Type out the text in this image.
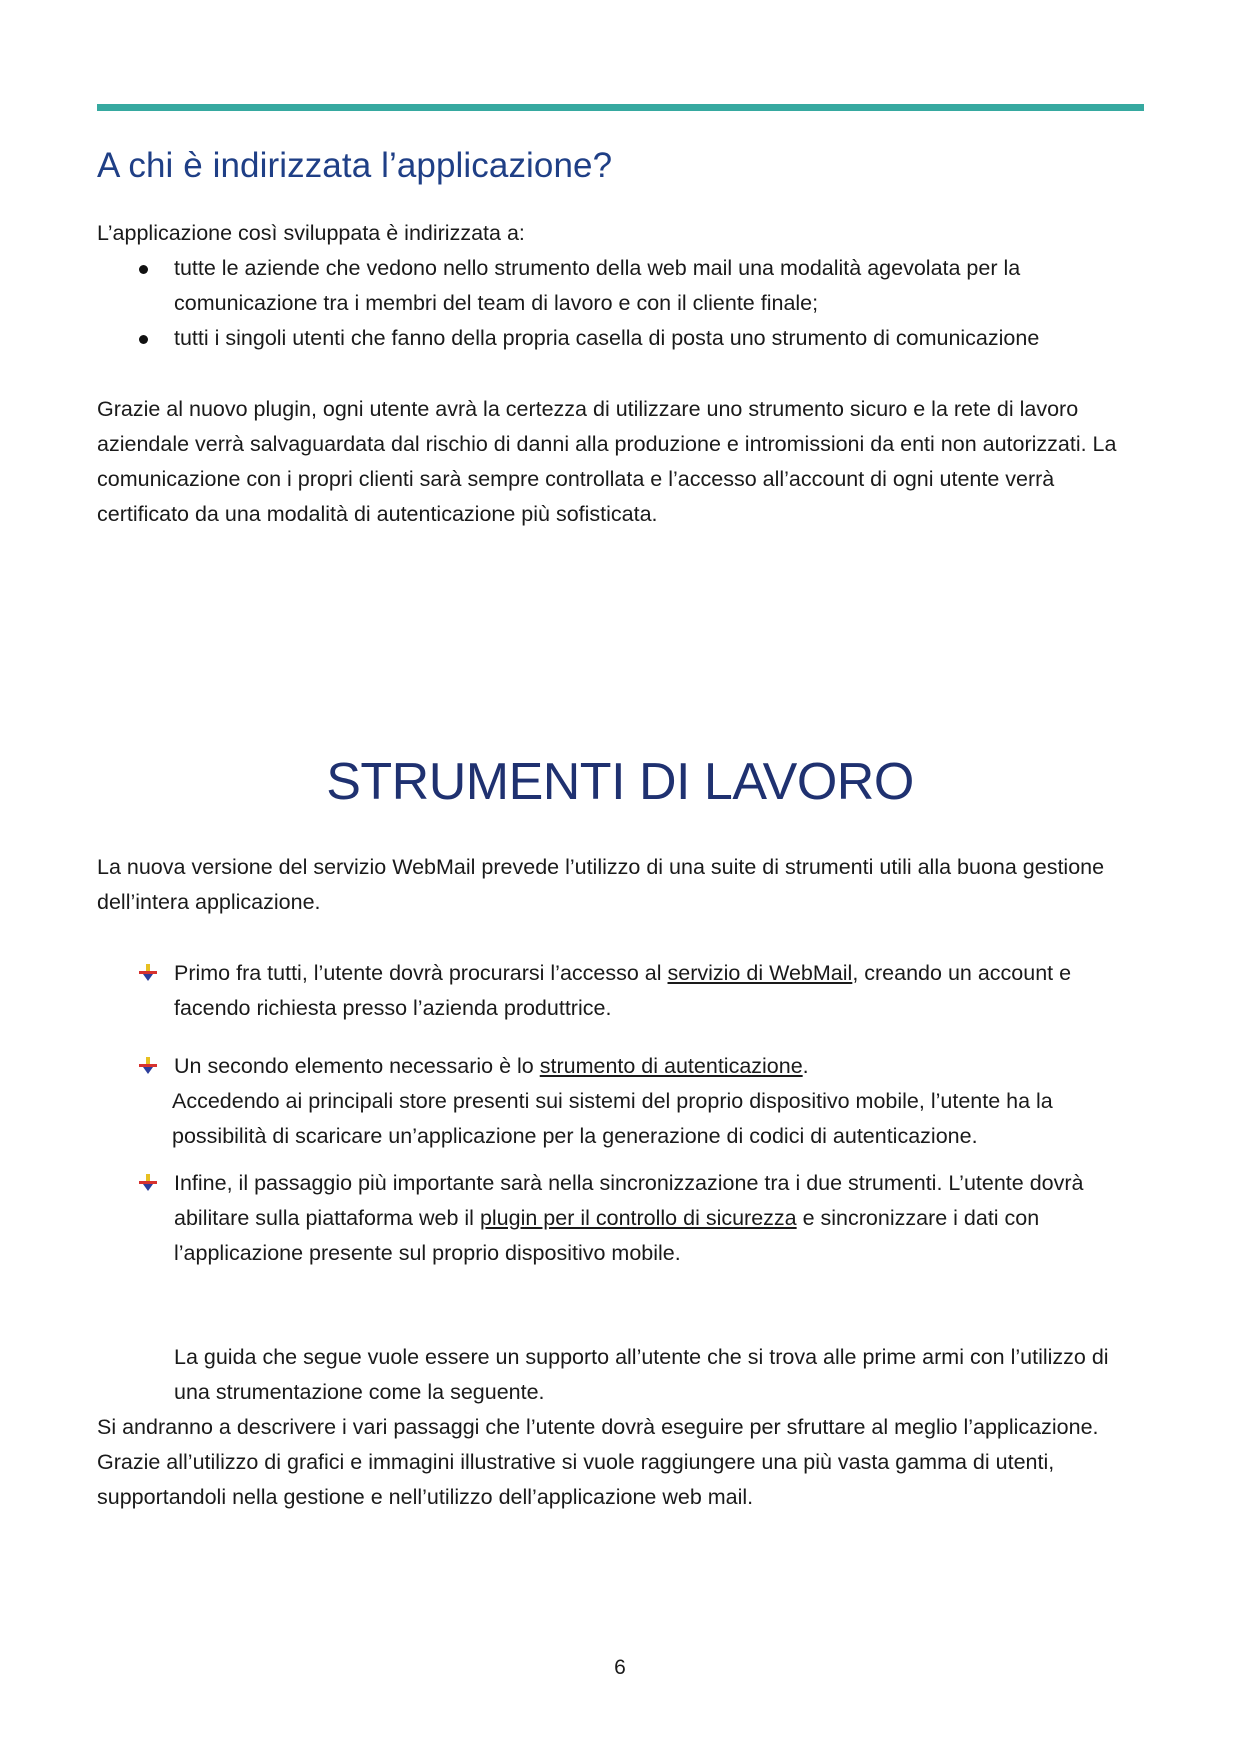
A chi è indirizzata l’applicazione?

L’applicazione così sviluppata è indirizzata a:

tutte le aziende che vedono nello strumento della web mail una modalità agevolata per la comunicazione tra i membri del team di lavoro e con il cliente finale;
tutti i singoli utenti che fanno della propria casella di posta uno strumento di comunicazione

Grazie al nuovo plugin, ogni utente avrà la certezza di utilizzare uno strumento sicuro e la rete di lavoro aziendale verrà salvaguardata dal rischio di danni alla produzione e intromissioni da enti non autorizzati. La comunicazione con i propri clienti sarà sempre controllata e l’accesso all’account di ogni utente verrà certificato da una modalità di autenticazione più sofisticata.

STRUMENTI DI LAVORO

La nuova versione del servizio WebMail prevede l’utilizzo di una suite di strumenti utili alla buona gestione dell’intera applicazione.

Primo fra tutti, l’utente dovrà procurarsi l’accesso al servizio di WebMail, creando un account e facendo richiesta presso l’azienda produttrice.
Un secondo elemento necessario è lo strumento di autenticazione.
Accedendo ai principali store presenti sui sistemi del proprio dispositivo mobile, l’utente ha la possibilità di scaricare un’applicazione per la generazione di codici di autenticazione.
Infine, il passaggio più importante sarà nella sincronizzazione tra i due strumenti. L’utente dovrà abilitare sulla piattaforma web il plugin per il controllo di sicurezza e sincronizzare i dati con l’applicazione presente sul proprio dispositivo mobile.
La guida che segue vuole essere un supporto all’utente che si trova alle prime armi con l’utilizzo di una strumentazione come la seguente.
Si andranno a descrivere i vari passaggi che l’utente dovrà eseguire per sfruttare al meglio l’applicazione. Grazie all’utilizzo di grafici e immagini illustrative si vuole raggiungere una più vasta gamma di utenti, supportandoli nella gestione e nell’utilizzo dell’applicazione web mail.
6
